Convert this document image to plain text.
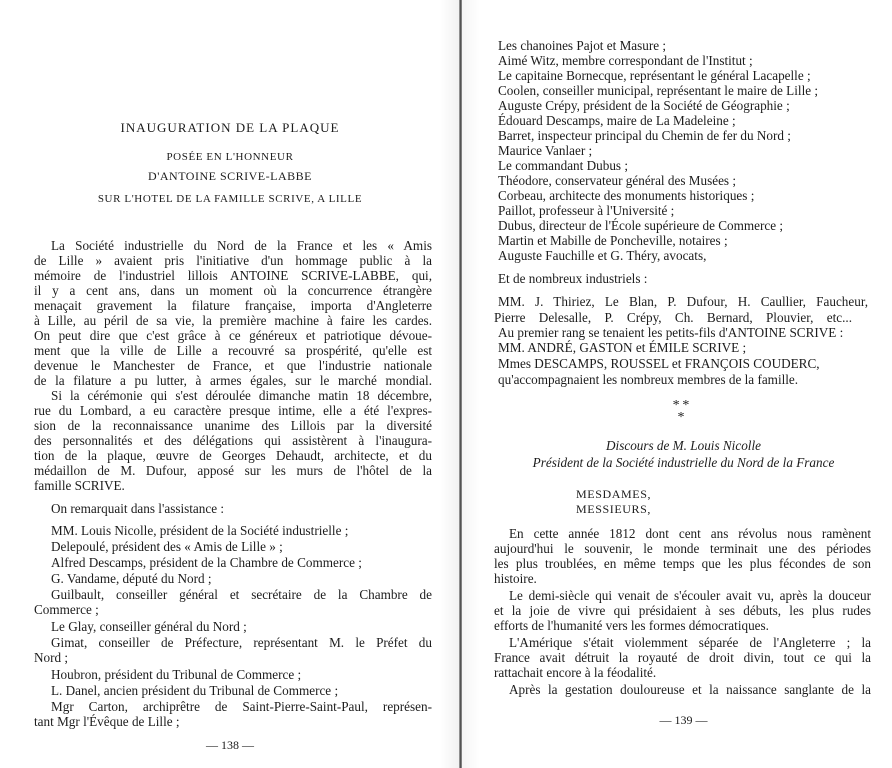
INAUGURATION DE LA PLAQUE
POSÉE EN L'HONNEUR
D'ANTOINE SCRIVE-LABBE
SUR L'HOTEL DE LA FAMILLE SCRIVE, A LILLE
La Société industrielle du Nord de la France et les « Amis
de Lille » avaient pris l'initiative d'un hommage public à la
mémoire de l'industriel lillois ANTOINE SCRIVE-LABBE, qui,
il y a cent ans, dans un moment où la concurrence étrangère
menaçait gravement la filature française, importa d'Angleterre
à Lille, au péril de sa vie, la première machine à faire les cardes.
On peut dire que c'est grâce à ce généreux et patriotique dévoue-
ment que la ville de Lille a recouvré sa prospérité, qu'elle est
devenue le Manchester de France, et que l'industrie nationale
de la filature a pu lutter, à armes égales, sur le marché mondial.
Si la cérémonie qui s'est déroulée dimanche matin 18 décembre,
rue du Lombard, a eu caractère presque intime, elle a été l'expres-
sion de la reconnaissance unanime des Lillois par la diversité
des personnalités et des délégations qui assistèrent à l'inaugura-
tion de la plaque, œuvre de Georges Dehaudt, architecte, et du
médaillon de M. Dufour, apposé sur les murs de l'hôtel de la
famille SCRIVE.
On remarquait dans l'assistance :
MM. Louis Nicolle, président de la Société industrielle ;
Delepoulé, président des « Amis de Lille » ;
Alfred Descamps, président de la Chambre de Commerce ;
G. Vandame, député du Nord ;
Guilbault, conseiller général et secrétaire de la Chambre de
Commerce ;
Le Glay, conseiller général du Nord ;
Gimat, conseiller de Préfecture, représentant M. le Préfet du
Nord ;
Houbron, président du Tribunal de Commerce ;
L. Danel, ancien président du Tribunal de Commerce ;
Mgr Carton, archiprêtre de Saint-Pierre-Saint-Paul, représen-
tant Mgr l'Évêque de Lille ;
— 138 —
Les chanoines Pajot et Masure ;
Aimé Witz, membre correspondant de l'Institut ;
Le capitaine Bornecque, représentant le général Lacapelle ;
Coolen, conseiller municipal, représentant le maire de Lille ;
Auguste Crépy, président de la Société de Géographie ;
Édouard Descamps, maire de La Madeleine ;
Barret, inspecteur principal du Chemin de fer du Nord ;
Maurice Vanlaer ;
Le commandant Dubus ;
Théodore, conservateur général des Musées ;
Corbeau, architecte des monuments historiques ;
Paillot, professeur à l'Université ;
Dubus, directeur de l'École supérieure de Commerce ;
Martin et Mabille de Poncheville, notaires ;
Auguste Fauchille et G. Théry, avocats,
Et de nombreux industriels :
MM. J. Thiriez, Le Blan, P. Dufour, H. Caullier, Faucheur,
Pierre Delesalle, P. Crépy, Ch. Bernard, Plouvier, etc...
Au premier rang se tenaient les petits-fils d'ANTOINE SCRIVE :
MM. ANDRÉ, GASTON et ÉMILE SCRIVE ;
Mmes DESCAMPS, ROUSSEL et FRANÇOIS COUDERC,
qu'accompagnaient les nombreux membres de la famille.
* *
*
Discours de M. Louis Nicolle
Président de la Société industrielle du Nord de la France
MESDAMES,
MESSIEURS,
En cette année 1812 dont cent ans révolus nous ramènent
aujourd'hui le souvenir, le monde terminait une des périodes
les plus troublées, en même temps que les plus fécondes de son
histoire.
Le demi-siècle qui venait de s'écouler avait vu, après la douceur
et la joie de vivre qui présidaient à ses débuts, les plus rudes
efforts de l'humanité vers les formes démocratiques.
L'Amérique s'était violemment séparée de l'Angleterre ; la
France avait détruit la royauté de droit divin, tout ce qui la
rattachait encore à la féodalité.
Après la gestation douloureuse et la naissance sanglante de la
— 139 —
